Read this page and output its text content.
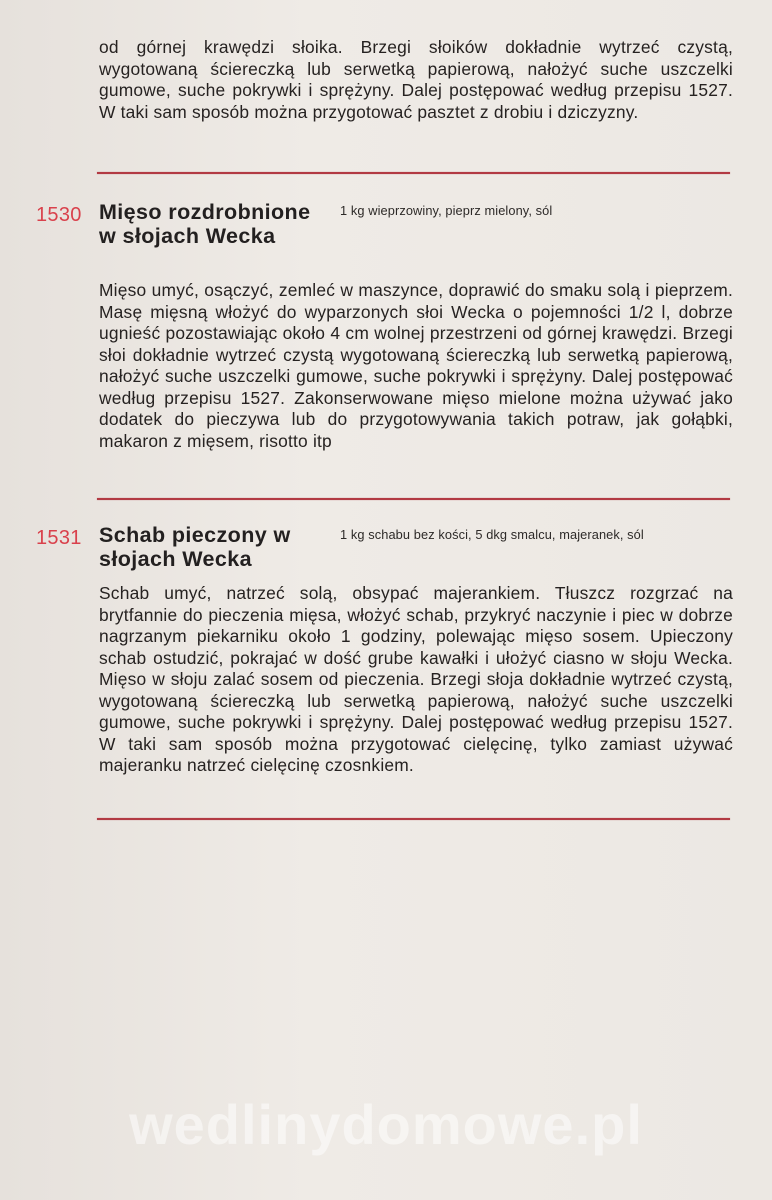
od górnej krawędzi słoika. Brzegi słoików dokładnie wytrzeć czystą, wygotowaną ściereczką lub serwetką papierową, nałożyć suche uszczelki gumowe, suche pokrywki i sprężyny. Dalej postępować według przepisu 1527. W taki sam sposób można przygotować pasztet z drobiu i dziczyzny.

1530 Mięso rozdrobnione w słojach Wecka
1 kg wieprzowiny, pieprz mielony, sól

Mięso umyć, osączyć, zemleć w maszynce, doprawić do smaku solą i pieprzem. Masę mięsną włożyć do wyparzonych słoi Wecka o pojemności 1/2 l, dobrze ugnieść pozostawiając około 4 cm wolnej przestrzeni od górnej krawędzi. Brzegi słoi dokładnie wytrzeć czystą wygotowaną ściereczką lub serwetką papierową, nałożyć suche uszczelki gumowe, suche pokrywki i sprężyny. Dalej postępować według przepisu 1527. Zakonserwowane mięso mielone można używać jako dodatek do pieczywa lub do przygotowywania takich potraw, jak gołąbki, makaron z mięsem, risotto itp

1531 Schab pieczony w słojach Wecka
1 kg schabu bez kości, 5 dkg smalcu, majeranek, sól

Schab umyć, natrzeć solą, obsypać majerankiem. Tłuszcz rozgrzać na brytfannie do pieczenia mięsa, włożyć schab, przykryć naczynie i piec w dobrze nagrzanym piekarniku około 1 godziny, polewając mięso sosem. Upieczony schab ostudzić, pokrajać w dość grube kawałki i ułożyć ciasno w słoju Wecka. Mięso w słoju zalać sosem od pieczenia. Brzegi słoja dokładnie wytrzeć czystą, wygotowaną ściereczką lub serwetką papierową, nałożyć suche uszczelki gumowe, suche pokrywki i sprężyny. Dalej postępować według przepisu 1527. W taki sam sposób można przygotować cielęcinę, tylko zamiast używać majeranku natrzeć cielęcinę czosnkiem.

wedlinydomowe.pl
